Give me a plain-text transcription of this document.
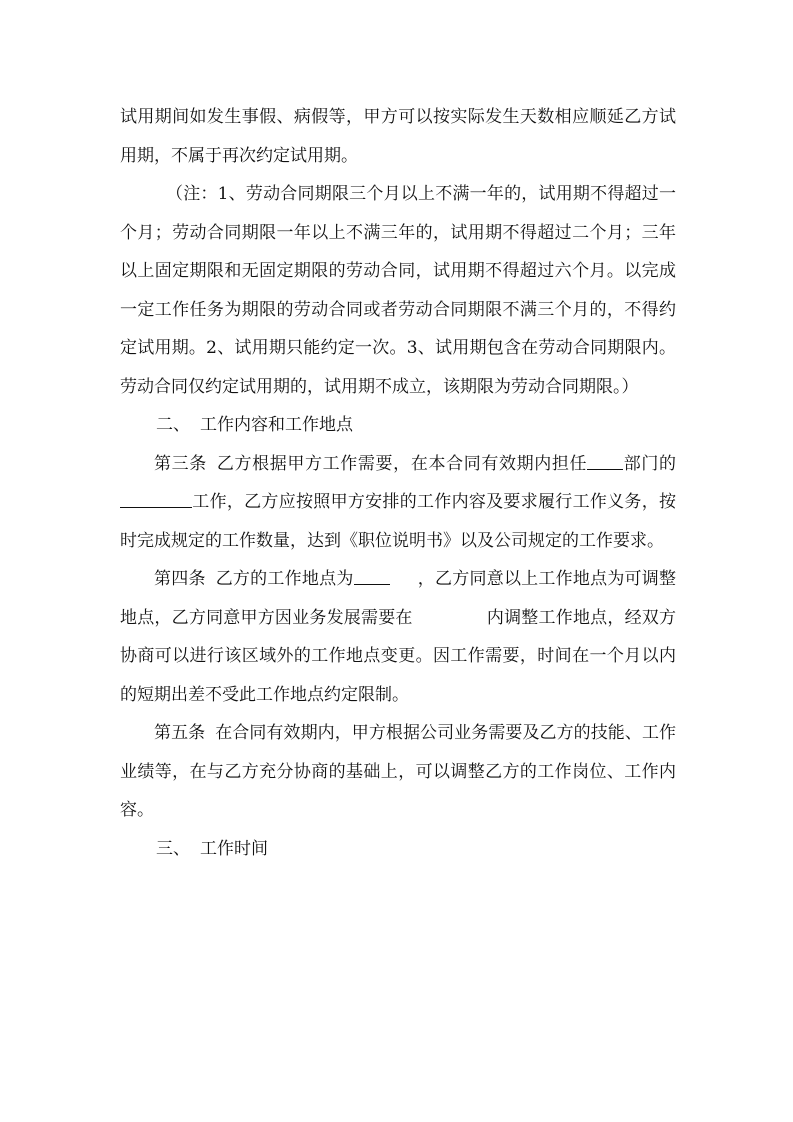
试用期间如发生事假、病假等，甲方可以按实际发生天数相应顺延乙方试用期，不属于再次约定试用期。

（注：1、劳动合同期限三个月以上不满一年的，试用期不得超过一个月；劳动合同期限一年以上不满三年的，试用期不得超过二个月；三年以上固定期限和无固定期限的劳动合同，试用期不得超过六个月。以完成一定工作任务为期限的劳动合同或者劳动合同期限不满三个月的，不得约定试用期。2、试用期只能约定一次。3、试用期包含在劳动合同期限内。劳动合同仅约定试用期的，试用期不成立，该期限为劳动合同期限。）

二、 工作内容和工作地点

第三条 乙方根据甲方工作需要，在本合同有效期内担任 部门的工作，乙方应按照甲方安排的工作内容及要求履行工作义务，按时完成规定的工作数量，达到《职位说明书》以及公司规定的工作要求。

第四条 乙方的工作地点为	，乙方同意以上工作地点为可调整地点，乙方同意甲方因业务发展需要在	内调整工作地点，经双方协商可以进行该区域外的工作地点变更。因工作需要，时间在一个月以内的短期出差不受此工作地点约定限制。

第五条 在合同有效期内，甲方根据公司业务需要及乙方的技能、工作业绩等，在与乙方充分协商的基础上，可以调整乙方的工作岗位、工作内容。

三、 工作时间
